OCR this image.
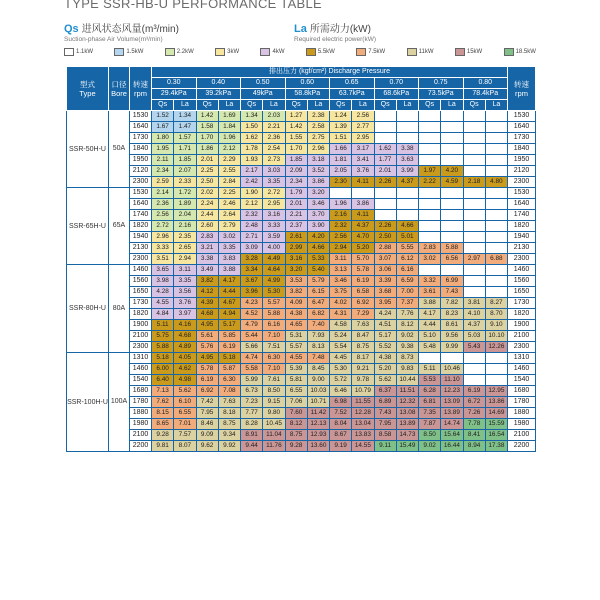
TYPE SSR-HB-U PERFORMANCE TABLE
Qs 进风状态风量(m³/min)
Suction-phase Air Volume(m³/min)
La 所需动力(kW)
Required electric power(kW)
1.1kW	1.5kW	2.2kW	3kW	4kW	5.5kW	7.5kW	11kW	15kW	18.5kW
型式
Type	口径
Bore	转速
rpm	排出压力 (kgf/cm²) Discharge Pressure																转速
rpm
			0.30		0.40		0.50		0.60		0.65		0.70		0.75		0.80		
			29.4kPa		39.2kPa		49kPa		58.8kPa		63.7kPa		68.6kPa		73.5kPa		78.4kPa		
			Qs	La	Qs	La	Qs	La	Qs	La	Qs	La	Qs	La	Qs	La	Qs	La	
SSR-50H-U	50A	1530	1.52	1.34	1.42	1.69	1.34	2.03	1.27	2.38	1.24	2.56							1530
		1640	1.67	1.47	1.58	1.84	1.50	2.21	1.42	2.58	1.39	2.77							1640
		1730	1.80	1.57	1.70	1.96	1.62	2.36	1.55	2.75	1.51	2.95							1730
		1840	1.95	1.71	1.86	2.12	1.78	2.54	1.70	2.96	1.66	3.17	1.62	3.38					1840
		1950	2.11	1.85	2.01	2.29	1.93	2.73	1.85	3.18	1.81	3.41	1.77	3.63					1950
		2120	2.34	2.07	2.25	2.55	2.17	3.03	2.09	3.52	2.05	3.76	2.01	3.99	1.97	4.20			2120
		2300	2.59	2.33	2.50	2.84	2.42	3.35	2.34	3.86	2.30	4.11	2.26	4.37	2.22	4.59	2.18	4.80	2300
SSR-65H-U	65A	1530	2.14	1.72	2.02	2.25	1.90	2.72	1.79	3.20									1530
		1640	2.36	1.89	2.24	2.46	2.12	2.95	2.01	3.46	1.96	3.86							1640
		1740	2.56	2.04	2.44	2.64	2.32	3.16	2.21	3.70	2.16	4.11							1740
		1820	2.72	2.16	2.60	2.79	2.48	3.33	2.37	3.90	2.32	4.37	2.26	4.66					1820
		1940	2.96	2.35	2.83	3.02	2.71	3.59	2.61	4.20	2.56	4.70	2.50	5.01					1940
		2130	3.33	2.65	3.21	3.35	3.09	4.00	2.99	4.66	2.94	5.20	2.88	5.55	2.83	5.88			2130
		2300	3.51	2.94	3.38	3.83	3.28	4.49	3.16	5.33	3.11	5.70	3.07	6.12	3.02	6.56	2.97	6.88	2300
SSR-80H-U	80A	1460	3.65	3.11	3.49	3.88	3.34	4.64	3.20	5.40	3.13	5.78	3.06	6.16					1460
		1560	3.98	3.35	3.82	4.17	3.67	4.99	3.53	5.79	3.46	6.19	3.39	6.59	3.32	6.99			1560
		1650	4.28	3.56	4.12	4.44	3.96	5.30	3.82	6.15	3.75	6.58	3.68	7.00	3.61	7.43			1650
		1730	4.55	3.76	4.39	4.67	4.23	5.57	4.09	6.47	4.02	6.92	3.95	7.37	3.88	7.82	3.81	8.27	1730
		1820	4.84	3.97	4.68	4.94	4.52	5.88	4.38	6.82	4.31	7.29	4.24	7.76	4.17	8.23	4.10	8.70	1820
		1900	5.11	4.16	4.95	5.17	4.79	6.16	4.65	7.40	4.58	7.63	4.51	8.12	4.44	8.61	4.37	9.10	1900
		2100	5.75	4.68	5.61	5.85	5.44	7.10	5.31	7.93	5.24	8.47	5.17	9.02	5.10	9.56	5.03	10.10	2100
		2300	5.88	4.89	5.76	6.19	5.66	7.51	5.57	8.13	5.54	8.75	5.52	9.38	5.48	9.99	5.43	12.26	2300
SSR-100H-U	100A	1310	5.18	4.05	4.95	5.18	4.74	6.30	4.55	7.48	4.45	8.17	4.38	8.73					1310
		1460	6.00	4.62	5.78	5.87	5.58	7.10	5.39	8.45	5.30	9.21	5.20	9.83	5.11	10.46			1460
		1540	6.40	4.98	6.19	6.30	5.99	7.61	5.81	9.00	5.72	9.78	5.62	10.44	5.53	11.10			1540
		1680	7.13	5.62	6.92	7.08	6.73	8.50	6.55	10.03	6.46	10.79	6.37	11.51	6.28	12.23	6.19	12.95	1680
		1780	7.62	6.10	7.42	7.63	7.23	9.15	7.06	10.71	6.98	11.55	6.89	12.32	6.81	13.09	6.72	13.86	1780
		1880	8.15	6.55	7.95	8.18	7.77	9.80	7.60	11.42	7.52	12.28	7.43	13.08	7.35	13.89	7.26	14.69	1880
		1980	8.65	7.01	8.46	8.75	8.28	10.45	8.12	12.13	8.04	13.04	7.95	13.89	7.87	14.74	7.78	15.59	1980
		2100	9.28	7.57	9.09	9.34	8.91	11.04	8.75	12.93	8.67	13.83	8.58	14.73	8.50	15.64	8.41	16.54	2100
		2200	9.81	8.07	9.62	9.92	9.44	11.76	9.28	13.60	9.19	14.55	9.11	15.49	9.02	16.44	8.94	17.38	2200
